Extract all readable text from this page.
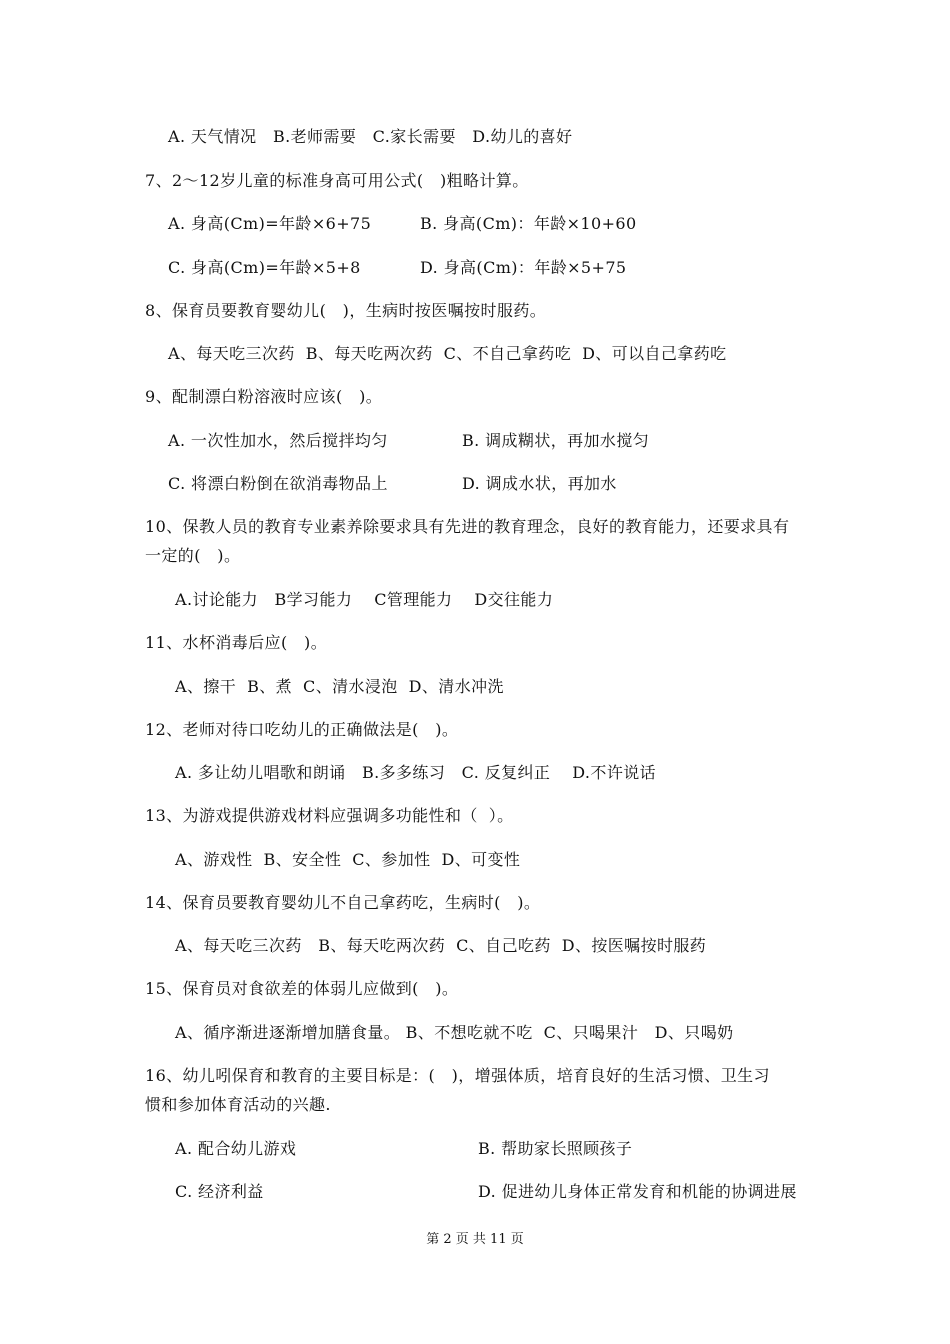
A. 天气情况   B.老师需要   C.家长需要   D.幼儿的喜好
7、2～12岁儿童的标准身高可用公式(   )粗略计算。
A. 身高(Cm)=年龄×6+75	B. 身高(Cm)：年龄×10+60
C. 身高(Cm)=年龄×5+8	D. 身高(Cm)：年龄×5+75
8、保育员要教育婴幼儿(   )，生病时按医嘱按时服药。
A、每天吃三次药  B、每天吃两次药  C、不自己拿药吃  D、可以自己拿药吃
9、配制漂白粉溶液时应该(   )。
A. 一次性加水，然后搅拌均匀	B. 调成糊状，再加水搅匀
C. 将漂白粉倒在欲消毒物品上	D. 调成水状，再加水
10、保教人员的教育专业素养除要求具有先进的教育理念，良好的教育能力，还要求具有
一定的(   )。
A.讨论能力   B学习能力    C管理能力    D交往能力
11、水杯消毒后应(   )。
A、擦干  B、煮  C、清水浸泡  D、清水冲洗
12、老师对待口吃幼儿的正确做法是(   )。
A. 多让幼儿唱歌和朗诵   B.多多练习   C. 反复纠正    D.不许说话
13、为游戏提供游戏材料应强调多功能性和（  ）。
A、游戏性  B、安全性  C、参加性  D、可变性
14、保育员要教育婴幼儿不自己拿药吃，生病时(   )。
A、每天吃三次药   B、每天吃两次药  C、自己吃药  D、按医嘱按时服药
15、保育员对食欲差的体弱儿应做到(   )。
A、循序渐进逐渐增加膳食量。 B、不想吃就不吃  C、只喝果汁   D、只喝奶
16、幼儿吲保育和教育的主要目标是：(   )，增强体质，培育良好的生活习惯、卫生习
惯和参加体育活动的兴趣.
A. 配合幼儿游戏	B. 帮助家长照顾孩子
C. 经济利益	D. 促进幼儿身体正常发育和机能的协调进展
第 2 页 共 11 页
